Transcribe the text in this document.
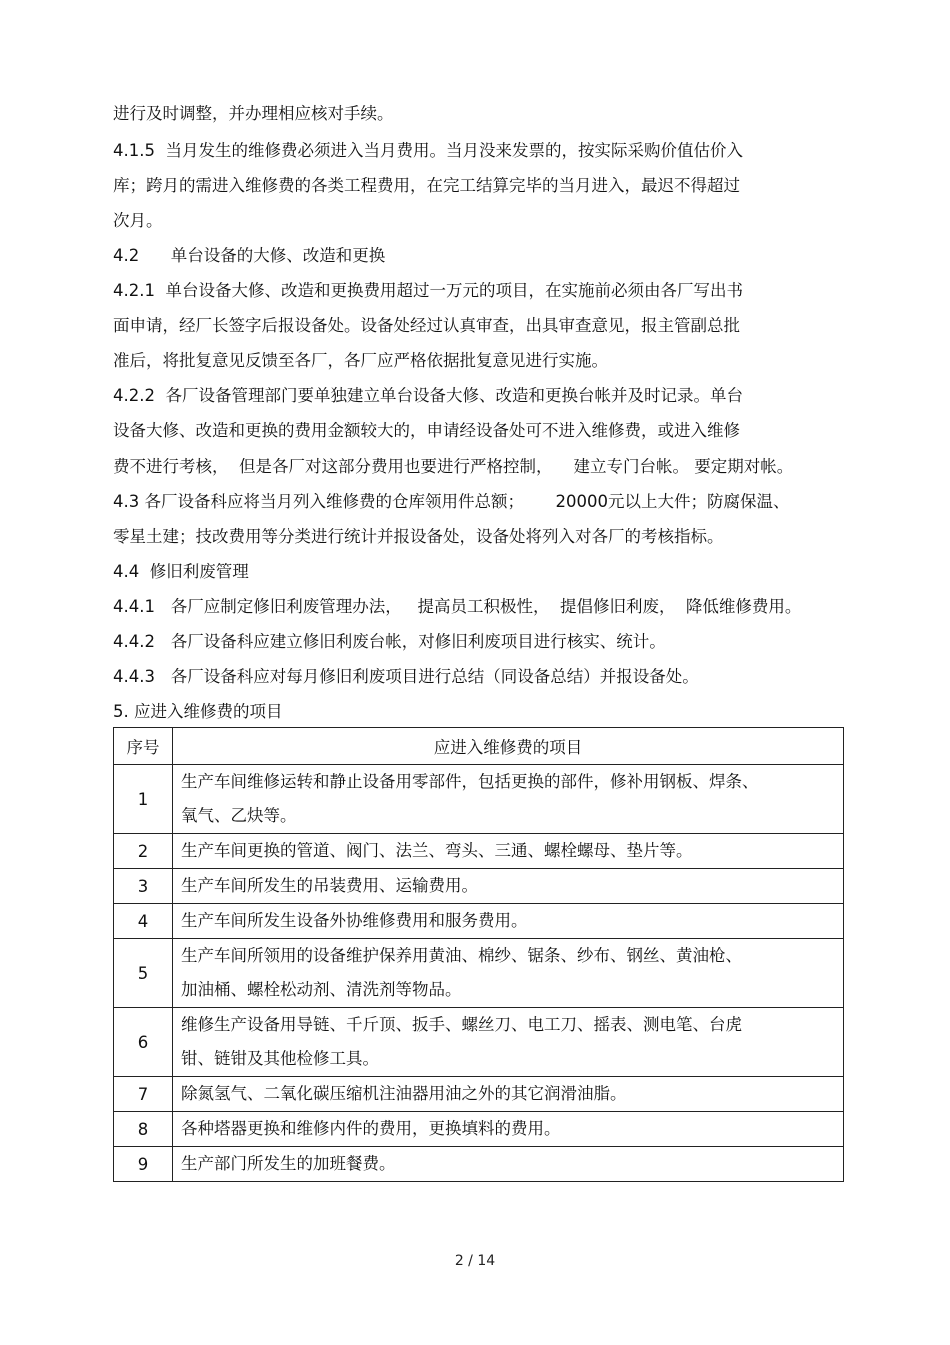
进行及时调整，并办理相应核对手续。
4.1.5  当月发生的维修费必须进入当月费用。当月没来发票的，按实际采购价值估价入
库；跨月的需进入维修费的各类工程费用，在完工结算完毕的当月进入，最迟不得超过
次月。
4.2      单台设备的大修、改造和更换
4.2.1  单台设备大修、改造和更换费用超过一万元的项目，在实施前必须由各厂写出书
面申请，经厂长签字后报设备处。设备处经过认真审查，出具审查意见，报主管副总批
准后，将批复意见反馈至各厂，各厂应严格依据批复意见进行实施。
4.2.2  各厂设备管理部门要单独建立单台设备大修、改造和更换台帐并及时记录。单台
设备大修、改造和更换的费用金额较大的，申请经设备处可不进入维修费，或进入维修
费不进行考核，  但是各厂对这部分费用也要进行严格控制，    建立专门台帐。 要定期对帐。
4.3 各厂设备科应将当月列入维修费的仓库领用件总额；      20000元以上大件；防腐保温、
零星土建；技改费用等分类进行统计并报设备处，设备处将列入对各厂的考核指标。
4.4  修旧利废管理
4.4.1   各厂应制定修旧利废管理办法，   提高员工积极性，  提倡修旧利废，  降低维修费用。
4.4.2   各厂设备科应建立修旧利废台帐，对修旧利废项目进行核实、统计。
4.4.3   各厂设备科应对每月修旧利废项目进行总结（同设备总结）并报设备处。
5. 应进入维修费的项目
序号	应进入维修费的项目
1	生产车间维修运转和静止设备用零部件，包括更换的部件，修补用钢板、焊条、
氧气、乙炔等。

2	生产车间更换的管道、阀门、法兰、弯头、三通、螺栓螺母、垫片等。

3	生产车间所发生的吊装费用、运输费用。

4	生产车间所发生设备外协维修费用和服务费用。

5	生产车间所领用的设备维护保养用黄油、棉纱、锯条、纱布、钢丝、黄油枪、
加油桶、螺栓松动剂、清洗剂等物品。

6	维修生产设备用导链、千斤顶、扳手、螺丝刀、电工刀、摇表、测电笔、台虎
钳、链钳及其他检修工具。

7	除氮氢气、二氧化碳压缩机注油器用油之外的其它润滑油脂。

8	各种塔器更换和维修内件的费用，更换填料的费用。

9	生产部门所发生的加班餐费。
2 / 14
